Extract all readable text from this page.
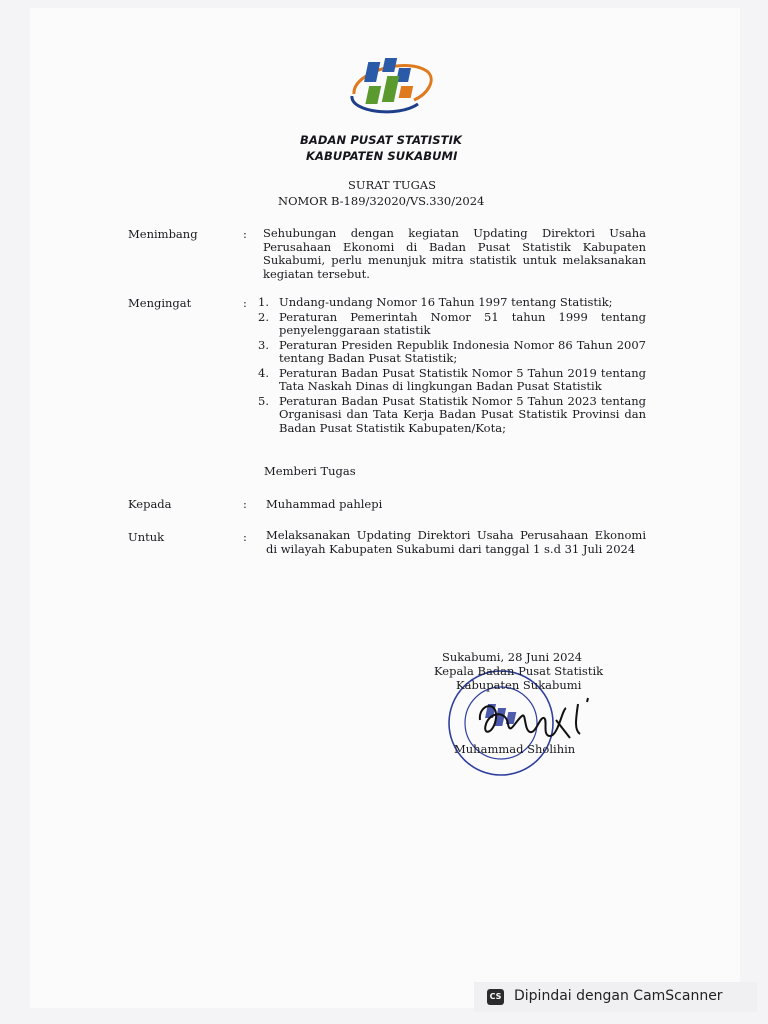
BADAN PUSAT STATISTIK
KABUPATEN SUKABUMI
SURAT TUGAS
NOMOR B-189/32020/VS.330/2024
Menimbang	: Sehubungan dengan kegiatan Updating Direktori Usaha Perusahaan Ekonomi di Badan Pusat Statistik Kabupaten Sukabumi, perlu menunjuk mitra statistik untuk melaksanakan kegiatan tersebut.

Mengingat	: 1. Undang-undang Nomor 16 Tahun 1997 tentang Statistik;
2. Peraturan Pemerintah Nomor 51 tahun 1999 tentang penyelenggaraan statistik
3. Peraturan Presiden Republik Indonesia Nomor 86 Tahun 2007 tentang Badan Pusat Statistik;
4. Peraturan Badan Pusat Statistik Nomor 5 Tahun 2019 tentang Tata Naskah Dinas di lingkungan Badan Pusat Statistik
5. Peraturan Badan Pusat Statistik Nomor 5 Tahun 2023 tentang Organisasi dan Tata Kerja Badan Pusat Statistik Provinsi dan Badan Pusat Statistik Kabupaten/Kota;
Memberi Tugas
Kepada	: Muhammad pahlepi
Untuk	: Melaksanakan Updating Direktori Usaha Perusahaan Ekonomi di wilayah Kabupaten Sukabumi dari tanggal 1 s.d 31 Juli 2024

Sukabumi, 28 Juni 2024
Kepala Badan Pusat Statistik
Kabupaten Sukabumi
Muhammad Sholihin
CS Dipindai dengan CamScanner
